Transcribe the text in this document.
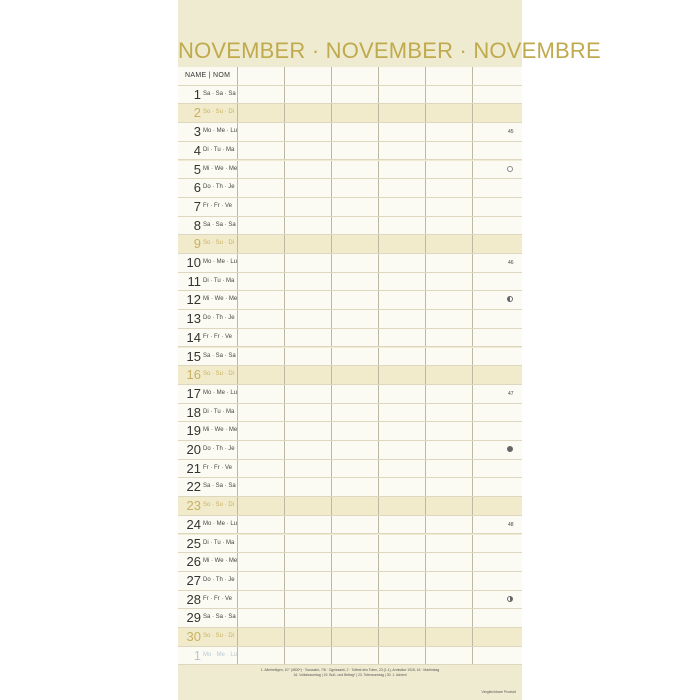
NOVEMBER · NOVEMBER · NOVEMBRE
NAME | NOM
1 Sa · Sa · Sa
2 So · Su · Di
3 Mo · Me · Lu	45
4 Di · Tu · Ma
5 Mi · We · Me
6 Do · Th · Je
7 Fr · Fr · Ve
8 Sa · Sa · Sa
9 So · Su · Di
10 Mo · Me · Lu	46
11 Di · Tu · Ma
12 Mi · We · Me
13 Do · Th · Je
14 Fr · Fr · Ve
15 Sa · Sa · Sa
16 So · Su · Di
17 Mo · Me · Lu	47
18 Di · Tu · Ma
19 Mi · We · Me
20 Do · Th · Je
21 Fr · Fr · Ve
22 Sa · Sa · Sa
23 So · Su · Di
24 Mo · Me · Lu	48
25 Di · Tu · Ma
26 Mi · We · Me
27 Do · Th · Je
28 Fr · Fr · Ve
29 Sa · Sa · Sa
30 So · Su · Di
1 Mo · Me · Lu
1. Allerheiligen, 10° (4500*) · Toussaint, 7/8 · Ognissanti, 2 · Totfest des Toten, 23 (1.1), Armistice 1918, 16 · Martinstag
16. Volkstrauertag | 19. Buß- und Bettag* | 23. Totensonntag | 30. 1. Advent
Vergleichbare Produkt
